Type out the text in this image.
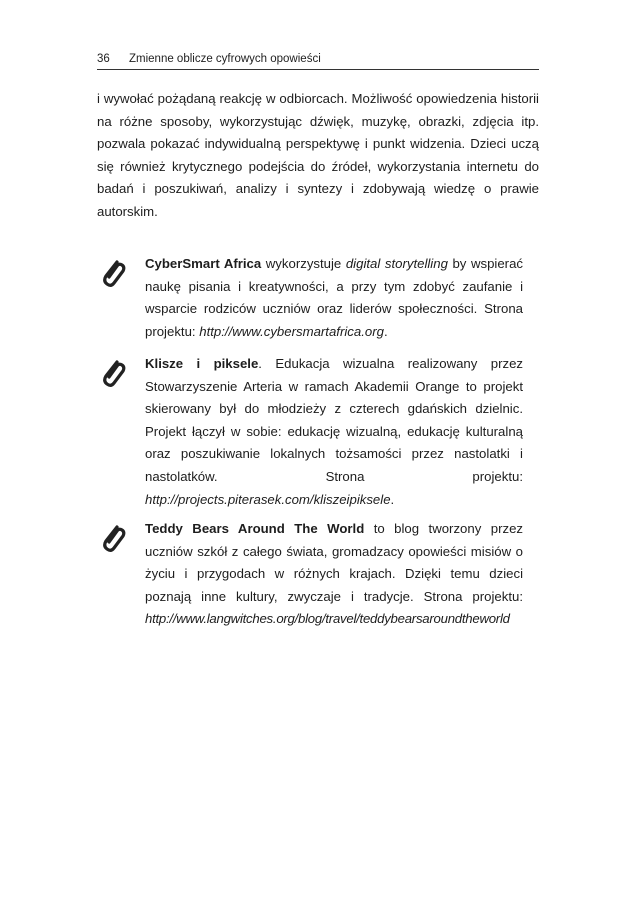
36 Zmienne oblicze cyfrowych opowieści

i wywołać pożądaną reakcję w odbiorcach. Możliwość opowiedzenia historii na różne sposoby, wykorzystując dźwięk, muzykę, obrazki, zdjęcia itp. pozwala pokazać indywidualną perspektywę i punkt widzenia. Dzieci uczą się również krytycznego podejścia do źródeł, wykorzystania internetu do badań i poszukiwań, analizy i syntezy i zdobywają wiedzę o prawie autorskim.

CyberSmart Africa wykorzystuje digital storytelling by wspierać naukę pisania i kreatywności, a przy tym zdobyć zaufanie i wsparcie rodziców uczniów oraz liderów społeczności. Strona projektu: http://www.cybersmartafrica.org.

Klisze i piksele. Edukacja wizualna realizowany przez Stowarzyszenie Arteria w ramach Akademii Orange to projekt skierowany był do młodzieży z czterech gdańskich dzielnic. Projekt łączył w sobie: edukację wizualną, edukację kulturalną oraz poszukiwanie lokalnych tożsamości przez nastolatki i nastolatków. Strona projektu: http://projects.piterasek.com/kliszeipiksele.

Teddy Bears Around The World to blog tworzony przez uczniów szkół z całego świata, gromadzacy opowieści misiów o życiu i przygodach w różnych krajach. Dzięki temu dzieci poznają inne kultury, zwyczaje i tradycje. Strona projektu: http://www.langwitches.org/blog/travel/teddybearsaroundtheworld
